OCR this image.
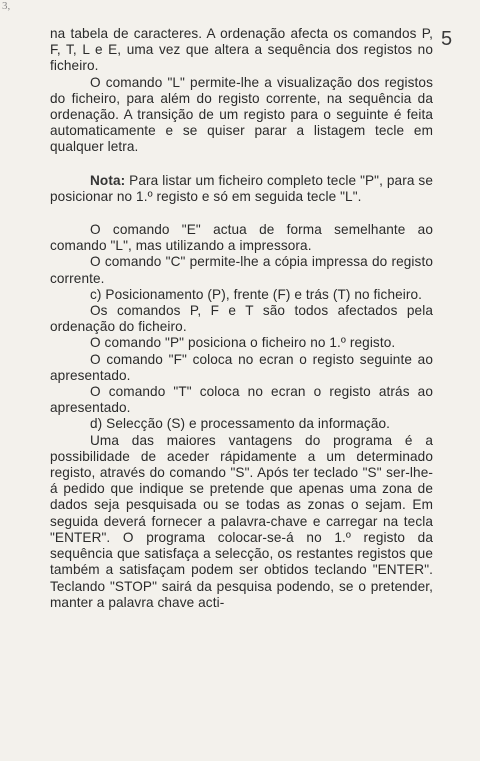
3,
5

na tabela de caracteres. A ordenação afecta os comandos P, F, T, L e E, uma vez que altera a sequência dos registos no ficheiro.

O comando "L" permite-lhe a visualização dos registos do ficheiro, para além do registo corrente, na sequência da ordenação. A transição de um registo para o seguinte é feita automaticamente e se quiser parar a listagem tecle em qualquer letra.

Nota: Para listar um ficheiro completo tecle "P", para se posicionar no 1.º registo e só em seguida tecle "L".

O comando "E" actua de forma semelhante ao comando "L", mas utilizando a impressora.

O comando "C" permite-lhe a cópia impressa do registo corrente.

c) Posicionamento (P), frente (F) e trás (T) no ficheiro.

Os comandos P, F e T são todos afectados pela ordenação do ficheiro.

O comando "P" posiciona o ficheiro no 1.º registo.

O comando "F" coloca no ecran o registo seguinte ao apresentado.

O comando "T" coloca no ecran o registo atrás ao apresentado.

d) Selecção (S) e processamento da informação.

Uma das maiores vantagens do programa é a possibilidade de aceder rápidamente a um determinado registo, através do comando "S". Após ter teclado "S" ser-lhe-á pedido que indique se pretende que apenas uma zona de dados seja pesquisada ou se todas as zonas o sejam. Em seguida deverá fornecer a palavra-chave e carregar na tecla "ENTER". O programa colocar-se-á no 1.º registo da sequência que satisfaça a selecção, os restantes registos que também a satisfaçam podem ser obtidos teclando "ENTER". Teclando "STOP" sairá da pesquisa podendo, se o pretender, manter a palavra chave acti-
